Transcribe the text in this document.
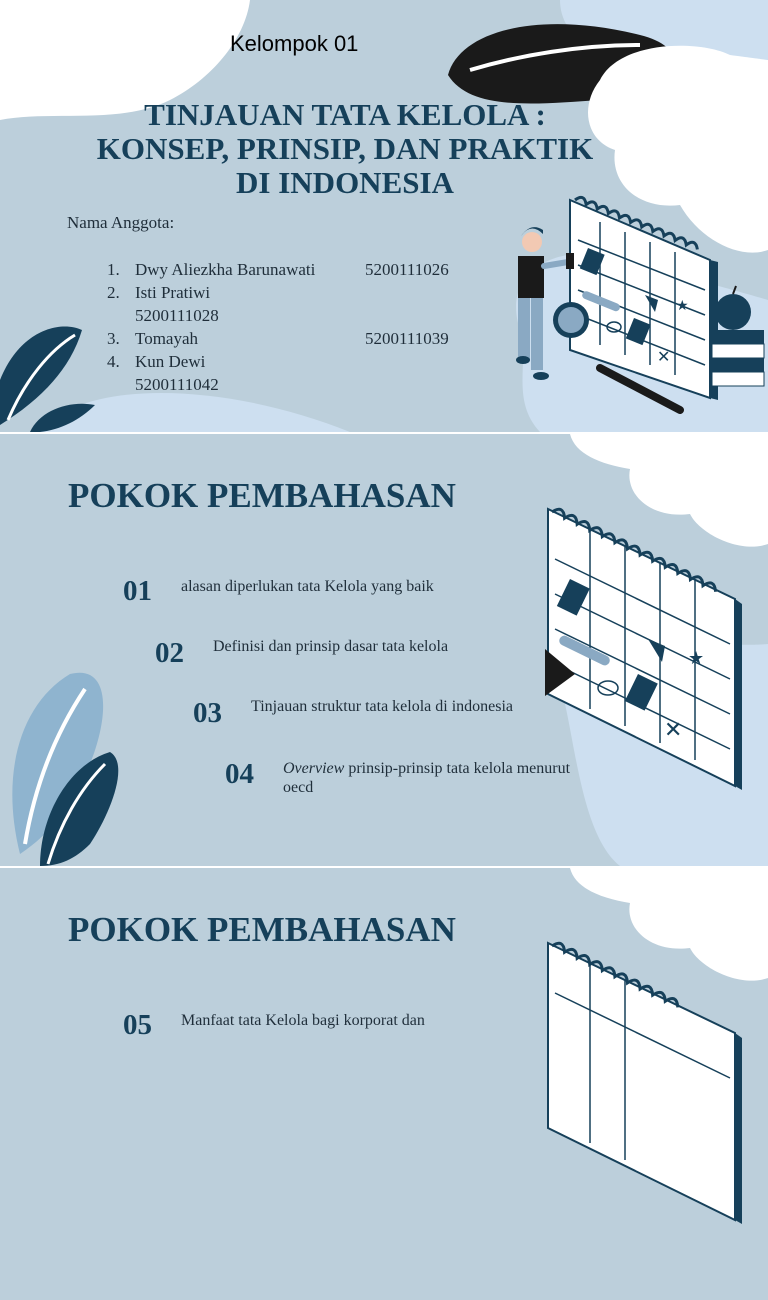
★
✕
Kelompok 01
TINJAUAN TATA KELOLA :
KONSEP, PRINSIP, DAN PRAKTIK
DI INDONESIA
Nama Anggota:
1. Dwy Aliezkha Barunawati	5200111026
2. Isti Pratiwi
5200111028
3. Tomayah	5200111039
4. Kun Dewi
5200111042
★
✕
POKOK PEMBAHASAN
01 alasan diperlukan tata Kelola yang baik
02 Definisi dan prinsip dasar tata kelola
03 Tinjauan struktur tata kelola di indonesia
04 Overview prinsip-prinsip tata kelola menurut oecd
POKOK PEMBAHASAN
05 Manfaat tata Kelola bagi korporat dan
